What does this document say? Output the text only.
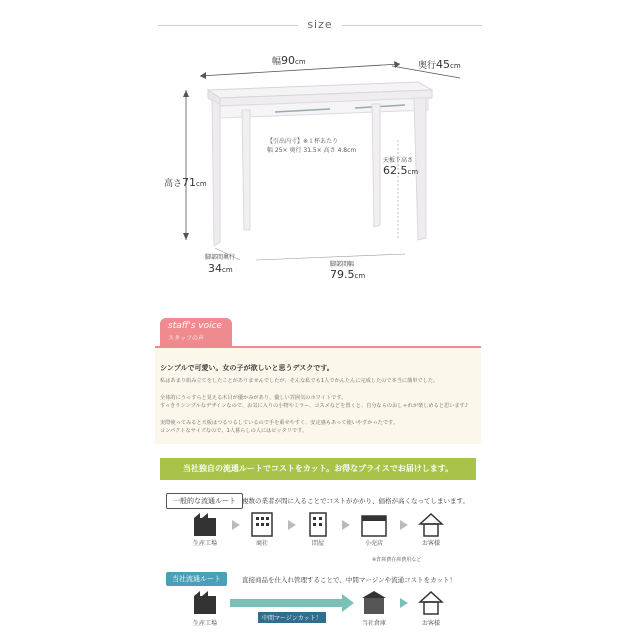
size
幅90cm	奥行45cm
高さ71cm
天板下高さ
62.5cm
脚部間奥行
34cm
脚部間幅
79.5cm
【引出内寸】※１杯あたり
幅 25× 奥行 31.5× 高さ 4.8cm
staff's voice
スタッフの声
シンプルで可愛い。女の子が欲しいと思うデスクです。
私はあまり組み立てをしたことがありませんでしたが、そんな私でも1人でかんたんに完成したので本当に簡単でした。
全体的にうっすらと見える木目が優かみがあり、優しい雰囲気のホワイトです。
すっきりシンプルなデザインなので、お気に入りの小物やミラー、コスメなどを置くと、自分ならのおしゃれが楽しめると思います♪
実際使ってみると天板はつるつるしているので手を乗せやすく、安定感もあって使いやすかったです。
コンパクトなサイズなので、1人暮らしの人にはピッタリです。
当社独自の流通ルートでコストをカット。お得なプライスでお届けします。
一般的な流通ルート 複数の業者が間に入ることでコストがかかり、価格が高くなってしまいます。
生産工場	商社	問屋	小売店	お客様
※倉庫費在庫費用など
当社流通ルート	直接商品を仕入れ管理することで、中間マージンや流通コストをカット！
中間マージンカット！
生産工場	当社倉庫	お客様
